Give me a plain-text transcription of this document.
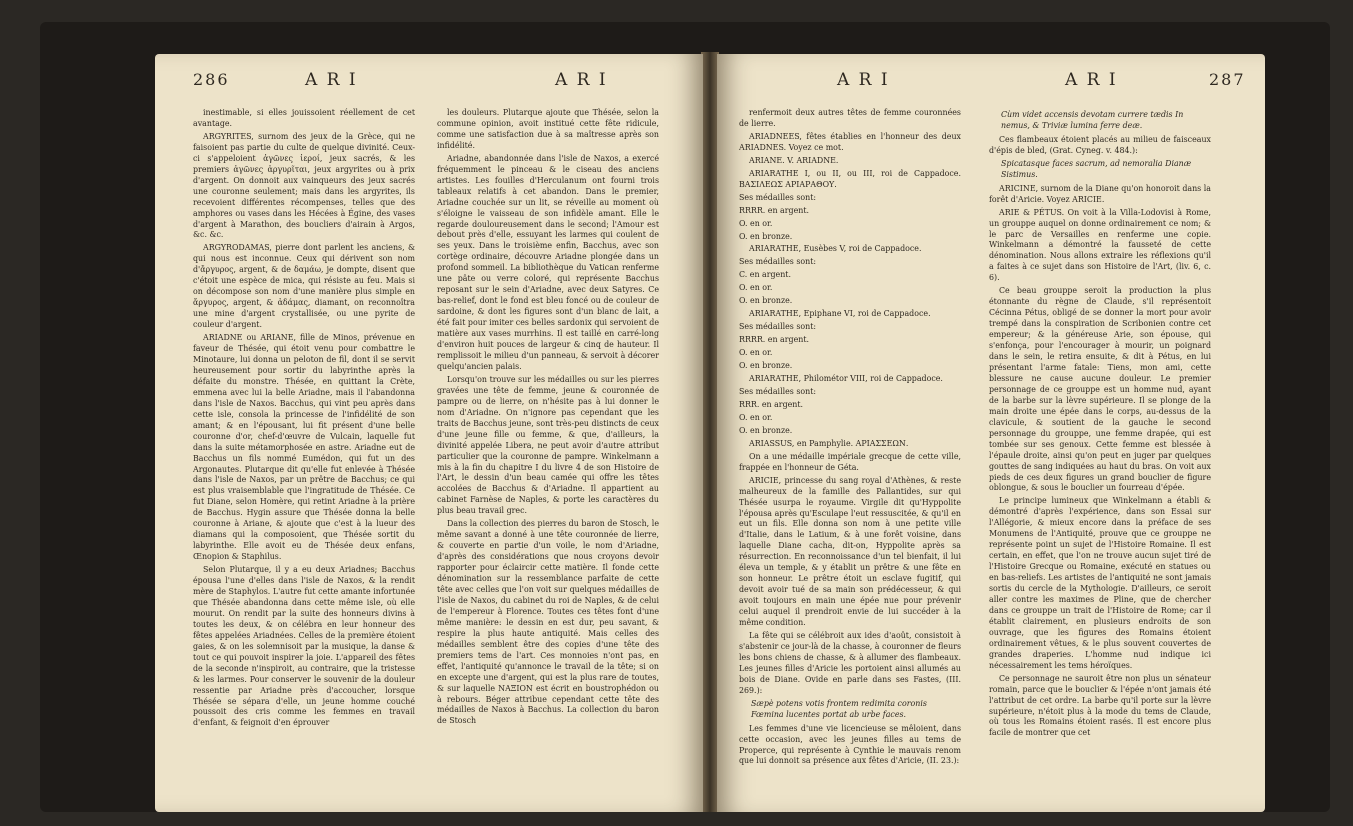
286	A R I	A R I

inestimable, si elles jouissoient réellement de cet avantage.

ARGYRITES, surnom des jeux de la Grèce, qui ne faisoient pas partie du culte de quelque divinité. Ceux-ci s'appeloient ἀγῶνες ἱεροί, jeux sacrés, & les premiers ἀγῶνες ἀργυρῖται, jeux argyrites ou à prix d'argent. On donnoit aux vainqueurs des jeux sacrés une couronne seulement; mais dans les argyrites, ils recevoient différentes récompenses, telles que des amphores ou vases dans les Hécées à Égine, des vases d'argent à Marathon, des boucliers d'airain à Argos, &c. &c.

ARGYRODAMAS, pierre dont parlent les anciens, & qui nous est inconnue. Ceux qui dérivent son nom d'ἄργυρος, argent, & de δαμάω, je dompte, disent que c'étoit une espèce de mica, qui résiste au feu. Mais si on décompose son nom d'une manière plus simple en ἄργυρος, argent, & ἀδάμας, diamant, on reconnoîtra une mine d'argent crystallisée, ou une pyrite de couleur d'argent.

ARIADNE ou ARIANE, fille de Minos, prévenue en faveur de Thésée, qui étoit venu pour combattre le Minotaure, lui donna un peloton de fil, dont il se servit heureusement pour sortir du labyrinthe après la défaite du monstre. Thésée, en quittant la Crète, emmena avec lui la belle Ariadne, mais il l'abandonna dans l'isle de Naxos. Bacchus, qui vint peu après dans cette isle, consola la princesse de l'infidélité de son amant; & en l'épousant, lui fit présent d'une belle couronne d'or, chef-d'œuvre de Vulcain, laquelle fut dans la suite métamorphosée en astre. Ariadne eut de Bacchus un fils nommé Eumédon, qui fut un des Argonautes. Plutarque dit qu'elle fut enlevée à Thésée dans l'isle de Naxos, par un prêtre de Bacchus; ce qui est plus vraisemblable que l'ingratitude de Thésée. Ce fut Diane, selon Homère, qui retint Ariadne à la prière de Bacchus. Hygin assure que Thésée donna la belle couronne à Ariane, & ajoute que c'est à la lueur des diamans qui la composoient, que Thésée sortit du labyrinthe. Elle avoit eu de Thésée deux enfans, Œnopion & Staphilus.

Selon Plutarque, il y a eu deux Ariadnes; Bacchus épousa l'une d'elles dans l'isle de Naxos, & la rendit mère de Staphylos. L'autre fut cette amante infortunée que Thésée abandonna dans cette même isle, où elle mourut. On rendit par la suite des honneurs divins à toutes les deux, & on célébra en leur honneur des fêtes appelées Ariadnées. Celles de la première étoient gaies, & on les solemnisoit par la musique, la danse & tout ce qui pouvoit inspirer la joie. L'appareil des fêtes de la seconde n'inspiroit, au contraire, que la tristesse & les larmes. Pour conserver le souvenir de la douleur ressentie par Ariadne près d'accoucher, lorsque Thésée se sépara d'elle, un jeune homme couché poussoit des cris comme les femmes en travail d'enfant, & feignoit d'en éprouver

les douleurs. Plutarque ajoute que Thésée, selon la commune opinion, avoit institué cette fête ridicule, comme une satisfaction due à sa maîtresse après son infidélité.

Ariadne, abandonnée dans l'isle de Naxos, a exercé fréquemment le pinceau & le ciseau des anciens artistes. Les fouilles d'Herculanum ont fourni trois tableaux relatifs à cet abandon. Dans le premier, Ariadne couchée sur un lit, se réveille au moment où s'éloigne le vaisseau de son infidèle amant. Elle le regarde douloureusement dans le second; l'Amour est debout près d'elle, essuyant les larmes qui coulent de ses yeux. Dans le troisième enfin, Bacchus, avec son cortège ordinaire, découvre Ariadne plongée dans un profond sommeil. La bibliothèque du Vatican renferme une pâte ou verre coloré, qui représente Bacchus reposant sur le sein d'Ariadne, avec deux Satyres. Ce bas-relief, dont le fond est bleu foncé ou de couleur de sardoine, & dont les figures sont d'un blanc de lait, a été fait pour imiter ces belles sardonix qui servoient de matière aux vases murrhins. Il est taillé en carré-long d'environ huit pouces de largeur & cinq de hauteur. Il remplissoit le milieu d'un panneau, & servoit à décorer quelqu'ancien palais.

Lorsqu'on trouve sur les médailles ou sur les pierres gravées une tête de femme, jeune & couronnée de pampre ou de lierre, on n'hésite pas à lui donner le nom d'Ariadne. On n'ignore pas cependant que les traits de Bacchus jeune, sont très-peu distincts de ceux d'une jeune fille ou femme, & que, d'ailleurs, la divinité appelée Libera, ne peut avoir d'autre attribut particulier que la couronne de pampre. Winkelmann a mis à la fin du chapitre I du livre 4 de son Histoire de l'Art, le dessin d'un beau camée qui offre les têtes accolées de Bacchus & d'Ariadne. Il appartient au cabinet Farnèse de Naples, & porte les caractères du plus beau travail grec.

Dans la collection des pierres du baron de Stosch, le même savant a donné à une tête couronnée de lierre, & couverte en partie d'un voile, le nom d'Ariadne, d'après des considérations que nous croyons devoir rapporter pour éclaircir cette matière. Il fonde cette dénomination sur la ressemblance parfaite de cette tête avec celles que l'on voit sur quelques médailles de l'isle de Naxos, du cabinet du roi de Naples, & de celui de l'empereur à Florence. Toutes ces têtes font d'une même manière: le dessin en est dur, peu savant, & respire la plus haute antiquité. Mais celles des médailles semblent être des copies d'une tête des premiers tems de l'art. Ces monnoies n'ont pas, en effet, l'antiquité qu'annonce le travail de la tête; si on en excepte une d'argent, qui est la plus rare de toutes, & sur laquelle NAΞION est écrit en boustrophédon ou à rebours. Béger attribue cependant cette tête des médailles de Naxos à Bacchus. La collection du baron de Stosch

A R I	A R I	287

renfermoit deux autres têtes de femme couronnées de lierre.

ARIADNEES, fêtes établies en l'honneur des deux ARIADNES. Voyez ce mot.

ARIANE. V. ARIADNE.

ARIARATHE I, ou II, ou III, roi de Cappadoce. ΒΑΣΙΛΕΩΣ ΑΡΙΑΡΑΘΟΥ.

Ses médailles sont:

RRRR. en argent.

O. en or.

O. en bronze.

ARIARATHE, Eusèbes V, roi de Cappadoce.

Ses médailles sont:

C. en argent.

O. en or.

O. en bronze.

ARIARATHE, Epiphane VI, roi de Cappadoce.

Ses médailles sont:

RRRR. en argent.

O. en or.

O. en bronze.

ARIARATHE, Philométor VIII, roi de Cappadoce.

Ses médailles sont:

RRR. en argent.

O. en or.

O. en bronze.

ARIASSUS, en Pamphylie. ΑΡΙΑΣΣΕΩΝ.

On a une médaille impériale grecque de cette ville, frappée en l'honneur de Géta.

ARICIE, princesse du sang royal d'Athènes, & reste malheureux de la famille des Pallantides, sur qui Thésée usurpa le royaume. Virgile dit qu'Hyppolite l'épousa après qu'Esculape l'eut ressuscitée, & qu'il en eut un fils. Elle donna son nom à une petite ville d'Italie, dans le Latium, & à une forêt voisine, dans laquelle Diane cacha, dit-on, Hyppolite après sa résurrection. En reconnoissance d'un tel bienfait, il lui éleva un temple, & y établit un prêtre & une fête en son honneur. Le prêtre étoit un esclave fugitif, qui devoit avoir tué de sa main son prédécesseur, & qui avoit toujours en main une épée nue pour prévenir celui auquel il prendroit envie de lui succéder à la même condition.

La fête qui se célébroit aux ides d'août, consistoit à s'abstenir ce jour-là de la chasse, à couronner de fleurs les bons chiens de chasse, & à allumer des flambeaux. Les jeunes filles d'Aricie les portoient ainsi allumés au bois de Diane. Ovide en parle dans ses Fastes, (III. 269.):

Sæpè potens votis frontem redimita coronis Fœmina lucentes portat ab urbe faces.

Les femmes d'une vie licencieuse se mêloient, dans cette occasion, avec les jeunes filles au tems de Properce, qui représente à Cynthie le mauvais renom que lui donnoit sa présence aux fêtes d'Aricie, (II. 23.):

Cùm videt accensis devotam currere tædis In nemus, & Triviæ lumina ferre deæ.

Ces flambeaux étoient placés au milieu de faisceaux d'épis de bled, (Grat. Cyneg. v. 484.):

Spicatasque faces sacrum, ad nemoralia Dianæ Sistimus.

ARICINE, surnom de la Diane qu'on honoroit dans la forêt d'Aricie. Voyez ARICIE.

ARIE & PÉTUS. On voit à la Villa-Lodovisi à Rome, un grouppe auquel on donne ordinairement ce nom; & le parc de Versailles en renferme une copie. Winkelmann a démontré la fausseté de cette dénomination. Nous allons extraire les réflexions qu'il a faites à ce sujet dans son Histoire de l'Art, (liv. 6, c. 6).

Ce beau grouppe seroit la production la plus étonnante du règne de Claude, s'il représentoit Cécinna Pétus, obligé de se donner la mort pour avoir trempé dans la conspiration de Scribonien contre cet empereur; & la généreuse Arie, son épouse, qui s'enfonça, pour l'encourager à mourir, un poignard dans le sein, le retira ensuite, & dit à Pétus, en lui présentant l'arme fatale: Tiens, mon ami, cette blessure ne cause aucune douleur. Le premier personnage de ce grouppe est un homme nud, ayant de la barbe sur la lèvre supérieure. Il se plonge de la main droite une épée dans le corps, au-dessus de la clavicule, & soutient de la gauche le second personnage du grouppe, une femme drapée, qui est tombée sur ses genoux. Cette femme est blessée à l'épaule droite, ainsi qu'on peut en juger par quelques gouttes de sang indiquées au haut du bras. On voit aux pieds de ces deux figures un grand bouclier de figure oblongue, & sous le bouclier un fourreau d'épée.

Le principe lumineux que Winkelmann a établi & démontré d'après l'expérience, dans son Essai sur l'Allégorie, & mieux encore dans la préface de ses Monumens de l'Antiquité, prouve que ce grouppe ne représente point un sujet de l'Histoire Romaine. Il est certain, en effet, que l'on ne trouve aucun sujet tiré de l'Histoire Grecque ou Romaine, exécuté en statues ou en bas-reliefs. Les artistes de l'antiquité ne sont jamais sortis du cercle de la Mythologie. D'ailleurs, ce seroit aller contre les maximes de Pline, que de chercher dans ce grouppe un trait de l'Histoire de Rome; car il établit clairement, en plusieurs endroits de son ouvrage, que les figures des Romains étoient ordinairement vêtues, & le plus souvent couvertes de grandes draperies. L'homme nud indique ici nécessairement les tems héroïques.

Ce personnage ne sauroit être non plus un sénateur romain, parce que le bouclier & l'épée n'ont jamais été l'attribut de cet ordre. La barbe qu'il porte sur la lèvre supérieure, n'étoit plus à la mode du tems de Claude, où tous les Romains étoient rasés. Il est encore plus facile de montrer que cet
